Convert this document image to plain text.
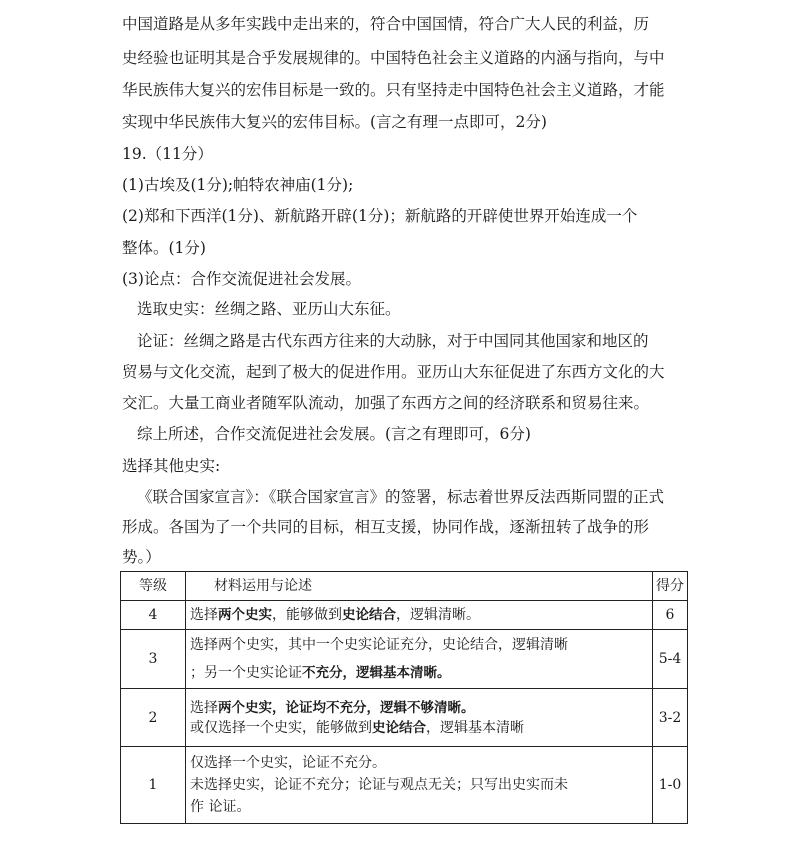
中国道路是从多年实践中走出来的，符合中国国情，符合广大人民的利益，历
史经验也证明其是合乎发展规律的。中国特色社会主义道路的内涵与指向，与中
华民族伟大复兴的宏伟目标是一致的。只有坚持走中国特色社会主义道路，才能
实现中华民族伟大复兴的宏伟目标。(言之有理一点即可，2分)
19.（11分）
(1)古埃及(1分);帕特农神庙(1分);
(2)郑和下西洋(1分)、新航路开辟(1分)；新航路的开辟使世界开始连成一个
整体。(1分)
(3)论点：合作交流促进社会发展。
选取史实：丝绸之路、亚历山大东征。
论证：丝绸之路是古代东西方往来的大动脉，对于中国同其他国家和地区的
贸易与文化交流，起到了极大的促进作用。亚历山大东征促进了东西方文化的大
交汇。大量工商业者随军队流动，加强了东西方之间的经济联系和贸易往来。
综上所述，合作交流促进社会发展。(言之有理即可，6分)
选择其他史实:
《联合国家宣言》：《联合国家宣言》的签署，标志着世界反法西斯同盟的正式
形成。各国为了一个共同的目标，相互支援，协同作战，逐渐扭转了战争的形
势。）
等级	材料运用与论述	得分
4	选择两个史实，能够做到史论结合，逻辑清晰。	6
3	选择两个史实，其中一个史实论证充分，史论结合，逻辑清晰
；另一个史实论证不充分，逻辑基本清晰。	5-4
2	选择两个史实，论证均不充分，逻辑不够清晰。
或仅选择一个史实，能够做到史论结合，逻辑基本清晰	3-2
1	仅选择一个史实，论证不充分。
未选择史实，论证不充分；论证与观点无关；只写出史实而未
作 论证。	1-0
